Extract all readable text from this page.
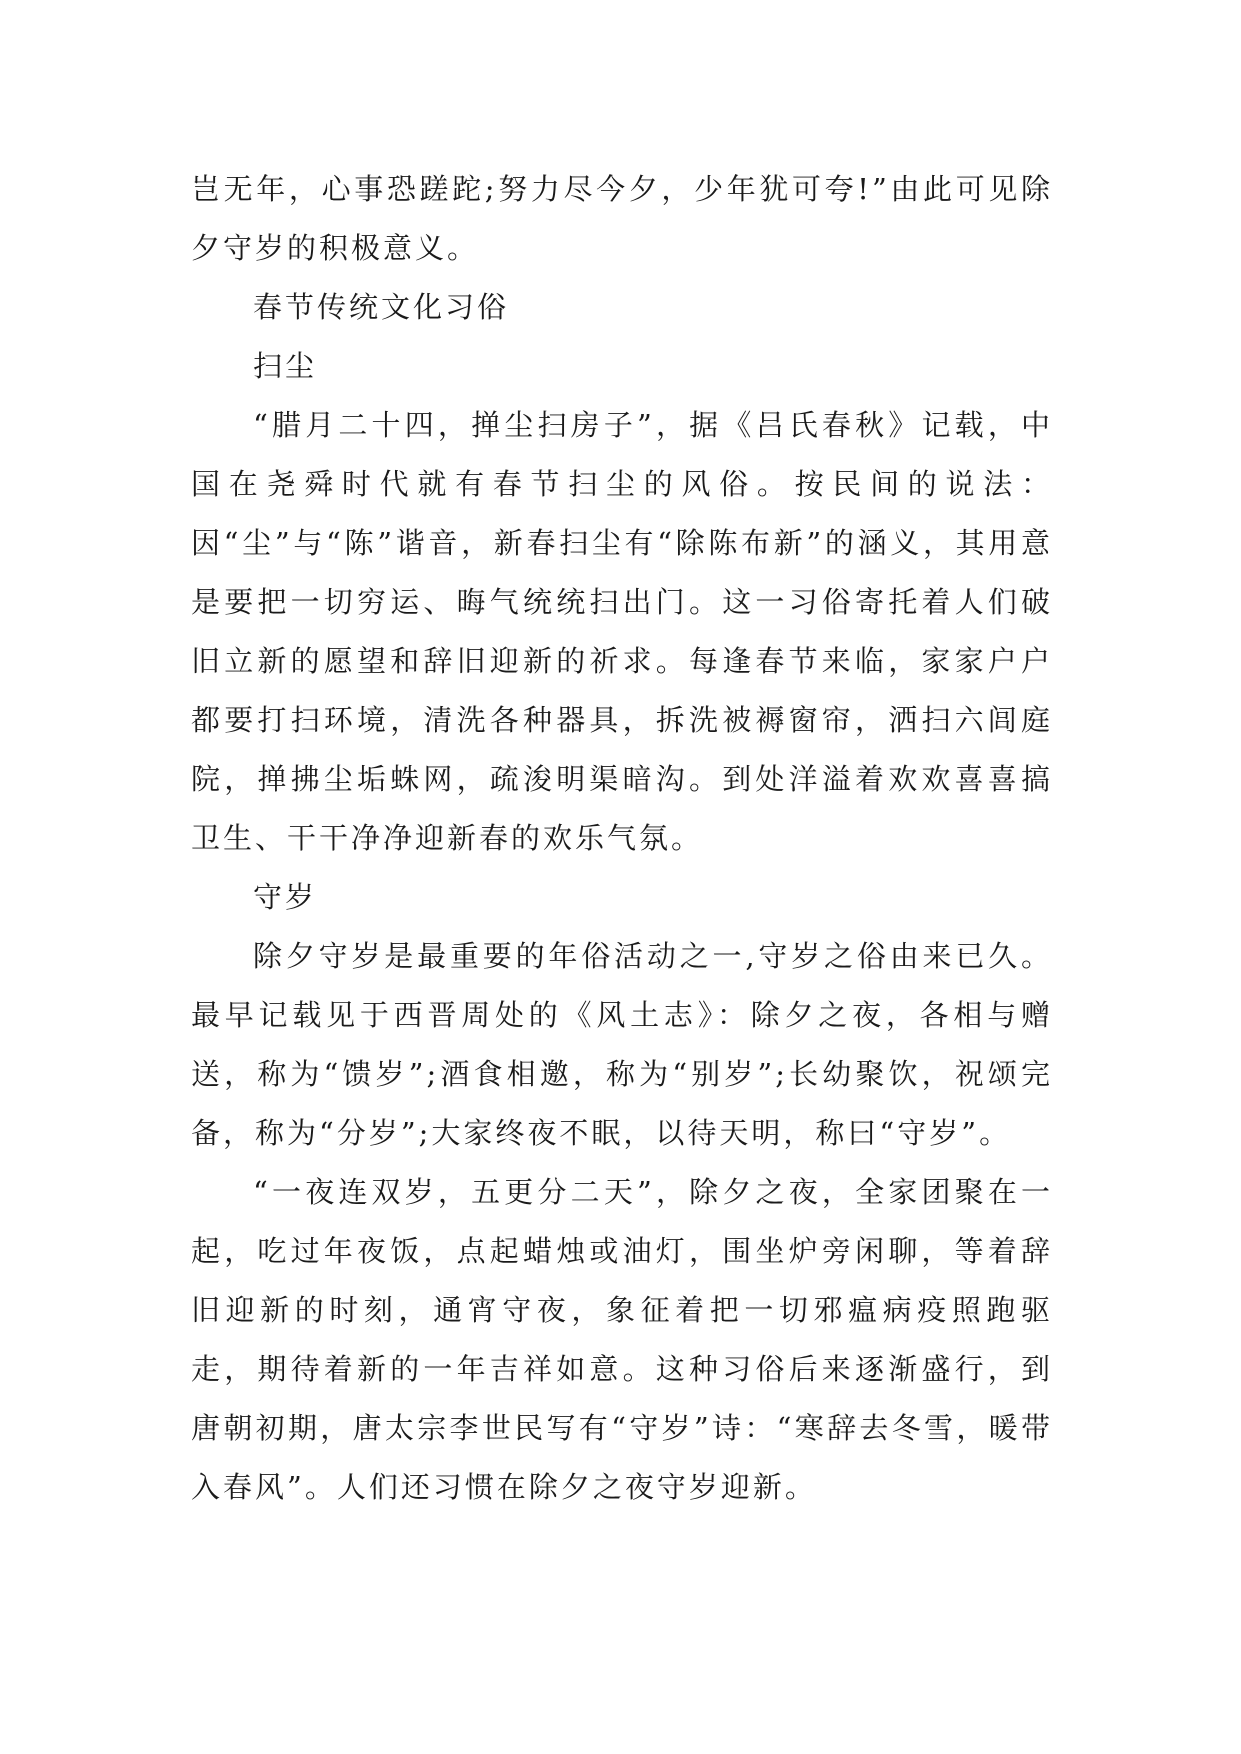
岂无年，心事恐蹉跎;努力尽今夕，少年犹可夸!”由此可见除夕守岁的积极意义。

春节传统文化习俗

扫尘

“腊月二十四，掸尘扫房子”，据《吕氏春秋》记载，中国在尧舜时代就有春节扫尘的风俗。按民间的说法：因“尘”与“陈”谐音，新春扫尘有“除陈布新”的涵义，其用意是要把一切穷运、晦气统统扫出门。这一习俗寄托着人们破旧立新的愿望和辞旧迎新的祈求。每逢春节来临，家家户户都要打扫环境，清洗各种器具，拆洗被褥窗帘，洒扫六闾庭院，掸拂尘垢蛛网，疏浚明渠暗沟。到处洋溢着欢欢喜喜搞卫生、干干净净迎新春的欢乐气氛。

守岁

除夕守岁是最重要的年俗活动之一,守岁之俗由来已久。最早记载见于西晋周处的《风土志》：除夕之夜，各相与赠送，称为“馈岁”;酒食相邀，称为“别岁”;长幼聚饮，祝颂完备，称为“分岁”;大家终夜不眠，以待天明，称曰“守岁”。

“一夜连双岁，五更分二天”，除夕之夜，全家团聚在一起，吃过年夜饭，点起蜡烛或油灯，围坐炉旁闲聊，等着辞旧迎新的时刻，通宵守夜，象征着把一切邪瘟病疫照跑驱走，期待着新的一年吉祥如意。这种习俗后来逐渐盛行，到唐朝初期，唐太宗李世民写有“守岁”诗：“寒辞去冬雪，暖带入春风”。人们还习惯在除夕之夜守岁迎新。
